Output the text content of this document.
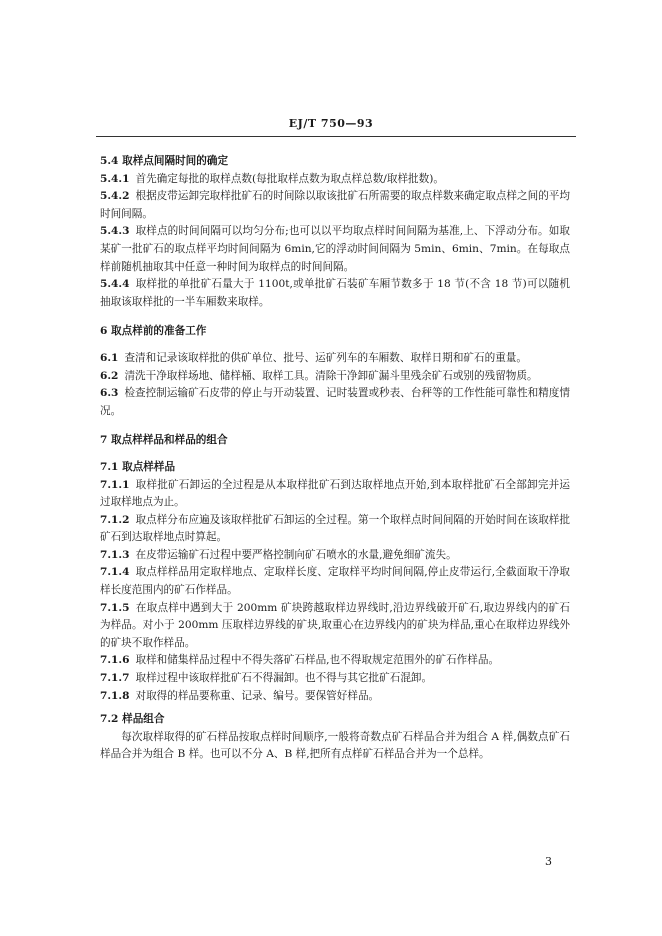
EJ/T 750—93
5.4 取样点间隔时间的确定
5.4.1 首先确定每批的取样点数(每批取样点数为取点样总数/取样批数)。
5.4.2 根据皮带运卸完取样批矿石的时间除以取该批矿石所需要的取点样数来确定取点样之间的平均时间间隔。
5.4.3 取样点的时间间隔可以均匀分布;也可以以平均取点样时间间隔为基准,上、下浮动分布。如取某矿一批矿石的取点样平均时间间隔为 6min,它的浮动时间间隔为 5min、6min、7min。在每取点样前随机抽取其中任意一种时间为取样点的时间间隔。
5.4.4 取样批的单批矿石量大于 1100t,或单批矿石装矿车厢节数多于 18 节(不含 18 节)可以随机抽取该取样批的一半车厢数来取样。
6 取点样前的准备工作
6.1 查清和记录该取样批的供矿单位、批号、运矿列车的车厢数、取样日期和矿石的重量。
6.2 清洗干净取样场地、储样桶、取样工具。清除干净卸矿漏斗里残余矿石或别的残留物质。
6.3 检查控制运输矿石皮带的停止与开动装置、记时装置或秒表、台秤等的工作性能可靠性和精度情况。
7 取点样样品和样品的组合
7.1 取点样样品
7.1.1 取样批矿石卸运的全过程是从本取样批矿石到达取样地点开始,到本取样批矿石全部卸完并运过取样地点为止。
7.1.2 取点样分布应遍及该取样批矿石卸运的全过程。第一个取样点时间间隔的开始时间在该取样批矿石到达取样地点时算起。
7.1.3 在皮带运输矿石过程中要严格控制向矿石喷水的水量,避免细矿流失。
7.1.4 取点样样品用定取样地点、定取样长度、定取样平均时间间隔,停止皮带运行,全截面取干净取样长度范围内的矿石作样品。
7.1.5 在取点样中遇到大于 200mm 矿块跨越取样边界线时,沿边界线破开矿石,取边界线内的矿石为样品。对小于 200mm 压取样边界线的矿块,取重心在边界线内的矿块为样品,重心在取样边界线外的矿块不取作样品。
7.1.6 取样和储集样品过程中不得失落矿石样品,也不得取规定范围外的矿石作样品。
7.1.7 取样过程中该取样批矿石不得漏卸。也不得与其它批矿石混卸。
7.1.8 对取得的样品要称重、记录、编号。要保管好样品。
7.2 样品组合
每次取样取得的矿石样品按取点样时间顺序,一般将奇数点矿石样品合并为组合 A 样,偶数点矿石样品合并为组合 B 样。也可以不分 A、B 样,把所有点样矿石样品合并为一个总样。
3
